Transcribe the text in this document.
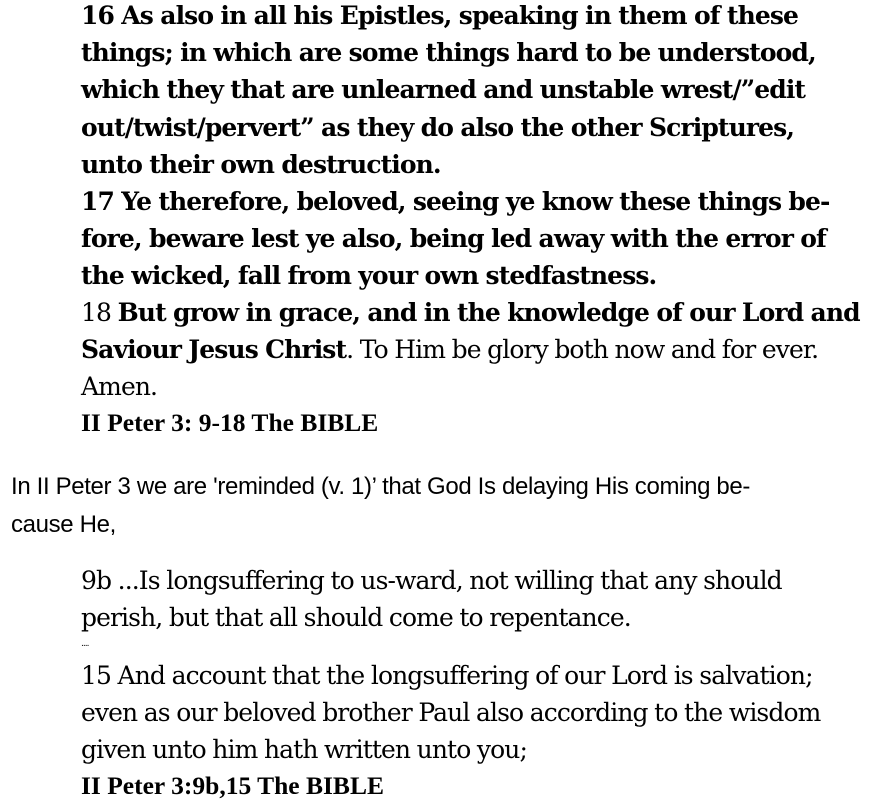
16 As also in all his Epistles, speaking in them of these
things; in which are some things hard to be understood,
which they that are unlearned and unstable wrest/”edit
out/twist/pervert” as they do also the other Scriptures,
unto their own destruction.
17 Ye therefore, beloved, seeing ye know these things be-
fore, beware lest ye also, being led away with the error of
the wicked, fall from your own stedfastness.
18 But grow in grace, and in the knowledge of our Lord and
Saviour Jesus Christ. To Him be glory both now and for ever.
Amen.
II Peter 3: 9-18 The BIBLE
In II Peter 3 we are 'reminded (v. 1)’ that God Is delaying His coming be-
cause He,
9b ...Is longsuffering to us-ward, not willing that any should
perish, but that all should come to repentance.
....
15 And account that the longsuffering of our Lord is salvation;
even as our beloved brother Paul also according to the wisdom
given unto him hath written unto you;
II Peter 3:9b,15 The BIBLE
